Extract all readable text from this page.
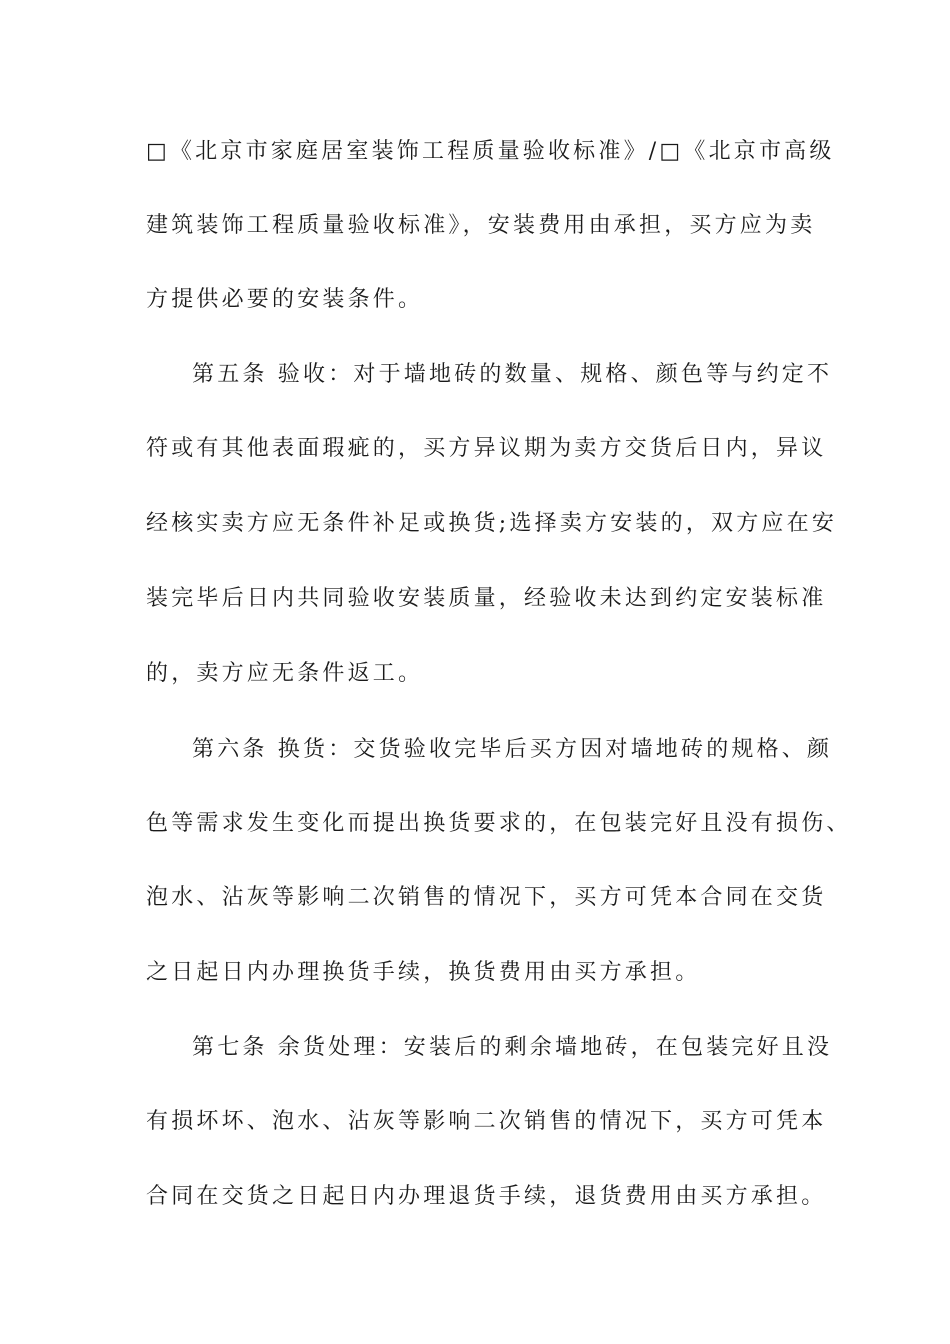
□《北京市家庭居室装饰工程质量验收标准》/□《北京市高级
建筑装饰工程质量验收标准》，安装费用由承担，买方应为卖
方提供必要的安装条件。
第五条 验收：对于墙地砖的数量、规格、颜色等与约定不
符或有其他表面瑕疵的，买方异议期为卖方交货后日内，异议
经核实卖方应无条件补足或换货;选择卖方安装的，双方应在安
装完毕后日内共同验收安装质量，经验收未达到约定安装标准
的，卖方应无条件返工。
第六条 换货：交货验收完毕后买方因对墙地砖的规格、颜
色等需求发生变化而提出换货要求的，在包装完好且没有损伤、
泡水、沾灰等影响二次销售的情况下，买方可凭本合同在交货
之日起日内办理换货手续，换货费用由买方承担。
第七条 余货处理：安装后的剩余墙地砖，在包装完好且没
有损坏坏、泡水、沾灰等影响二次销售的情况下，买方可凭本
合同在交货之日起日内办理退货手续，退货费用由买方承担。
